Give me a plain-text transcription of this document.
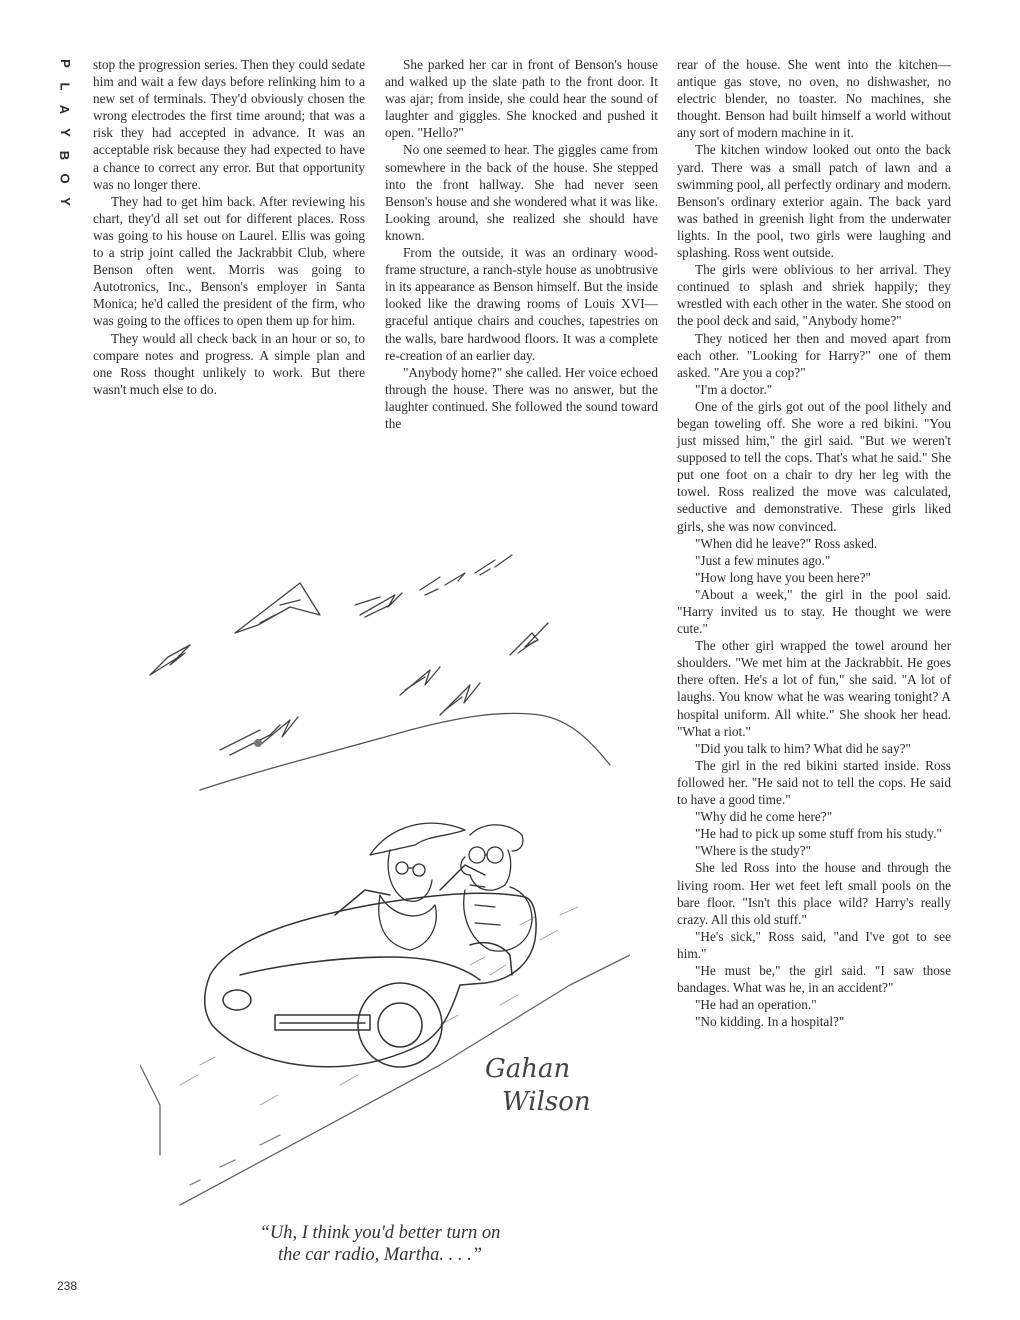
P
L
A
Y
B
O
Y

stop the progression series. Then they could sedate him and wait a few days before relinking him to a new set of terminals. They'd obviously chosen the wrong electrodes the first time around; that was a risk they had accepted in advance. It was an acceptable risk because they had expected to have a chance to correct any error. But that opportunity was no longer there.

They had to get him back. After reviewing his chart, they'd all set out for different places. Ross was going to his house on Laurel. Ellis was going to a strip joint called the Jackrabbit Club, where Benson often went. Morris was going to Autotronics, Inc., Benson's employer in Santa Monica; he'd called the president of the firm, who was going to the offices to open them up for him.

They would all check back in an hour or so, to compare notes and progress. A simple plan and one Ross thought unlikely to work. But there wasn't much else to do.

She parked her car in front of Benson's house and walked up the slate path to the front door. It was ajar; from inside, she could hear the sound of laughter and giggles. She knocked and pushed it open. "Hello?"

No one seemed to hear. The giggles came from somewhere in the back of the house. She stepped into the front hallway. She had never seen Benson's house and she wondered what it was like. Looking around, she realized she should have known.

From the outside, it was an ordinary wood-frame structure, a ranch-style house as unobtrusive in its appearance as Benson himself. But the inside looked like the drawing rooms of Louis XVI—graceful antique chairs and couches, tapestries on the walls, bare hardwood floors. It was a complete re-creation of an earlier day.

"Anybody home?" she called. Her voice echoed through the house. There was no answer, but the laughter continued. She followed the sound toward the

rear of the house. She went into the kitchen—antique gas stove, no oven, no dishwasher, no electric blender, no toaster. No machines, she thought. Benson had built himself a world without any sort of modern machine in it.

The kitchen window looked out onto the back yard. There was a small patch of lawn and a swimming pool, all perfectly ordinary and modern. Benson's ordinary exterior again. The back yard was bathed in greenish light from the underwater lights. In the pool, two girls were laughing and splashing. Ross went outside.

The girls were oblivious to her arrival. They continued to splash and shriek happily; they wrestled with each other in the water. She stood on the pool deck and said, "Anybody home?"

They noticed her then and moved apart from each other. "Looking for Harry?" one of them asked. "Are you a cop?"

"I'm a doctor."

One of the girls got out of the pool lithely and began toweling off. She wore a red bikini. "You just missed him," the girl said. "But we weren't supposed to tell the cops. That's what he said." She put one foot on a chair to dry her leg with the towel. Ross realized the move was calculated, seductive and demonstrative. These girls liked girls, she was now convinced.

"When did he leave?" Ross asked.

"Just a few minutes ago."

"How long have you been here?"

"About a week," the girl in the pool said. "Harry invited us to stay. He thought we were cute."

The other girl wrapped the towel around her shoulders. "We met him at the Jackrabbit. He goes there often. He's a lot of fun," she said. "A lot of laughs. You know what he was wearing tonight? A hospital uniform. All white." She shook her head. "What a riot."

"Did you talk to him? What did he say?"

The girl in the red bikini started inside. Ross followed her. "He said not to tell the cops. He said to have a good time."

"Why did he come here?"

"He had to pick up some stuff from his study."

"Where is the study?"

She led Ross into the house and through the living room. Her wet feet left small pools on the bare floor. "Isn't this place wild? Harry's really crazy. All this old stuff."

"He's sick," Ross said, "and I've got to see him."

"He must be," the girl said. "I saw those bandages. What was he, in an accident?"

"He had an operation."

"No kidding. In a hospital?"

Gahan
Wilson
“Uh, I think you'd better turn on
the car radio, Martha. . . .”
238
